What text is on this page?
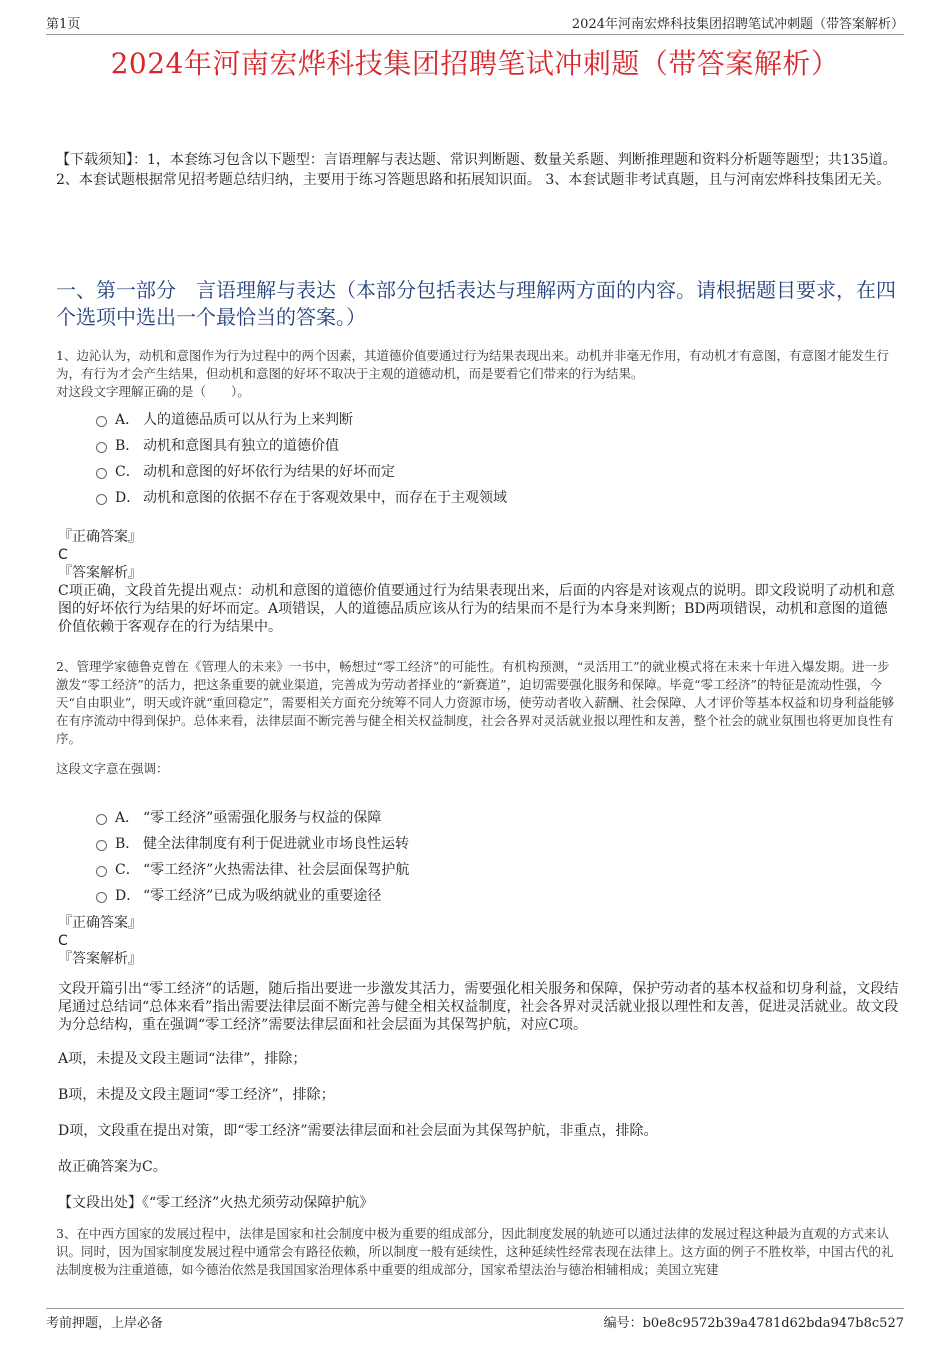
第1页	2024年河南宏烨科技集团招聘笔试冲刺题（带答案解析）
2024年河南宏烨科技集团招聘笔试冲刺题（带答案解析）
【下载须知】：1，本套练习包含以下题型：言语理解与表达题、常识判断题、数量关系题、判断推理题和资料分析题等题型；共135道。 2、本套试题根据常见招考题总结归纳，主要用于练习答题思路和拓展知识面。 3、本套试题非考试真题，且与河南宏烨科技集团无关。
一、第一部分　言语理解与表达（本部分包括表达与理解两方面的内容。请根据题目要求，在四个选项中选出一个最恰当的答案。）

1、边沁认为，动机和意图作为行为过程中的两个因素，其道德价值要通过行为结果表现出来。动机并非毫无作用，有动机才有意图，有意图才能发生行为，有行为才会产生结果，但动机和意图的好坏不取决于主观的道德动机，而是要看它们带来的行为结果。

对这段文字理解正确的是（　　）。

A． 人的道德品质可以从行为上来判断
B． 动机和意图具有独立的道德价值
C． 动机和意图的好坏依行为结果的好坏而定
D． 动机和意图的依据不存在于客观效果中，而存在于主观领域
『正确答案』
C
『答案解析』
C项正确，文段首先提出观点：动机和意图的道德价值要通过行为结果表现出来，后面的内容是对该观点的说明。即文段说明了动机和意图的好坏依行为结果的好坏而定。A项错误，人的道德品质应该从行为的结果而不是行为本身来判断；BD两项错误，动机和意图的道德价值依赖于客观存在的行为结果中。

2、管理学家德鲁克曾在《管理人的未来》一书中，畅想过“零工经济”的可能性。有机构预测，“灵活用工”的就业模式将在未来十年进入爆发期。进一步激发“零工经济”的活力，把这条重要的就业渠道，完善成为劳动者择业的“新赛道”，迫切需要强化服务和保障。毕竟“零工经济”的特征是流动性强，今天“自由职业”，明天或许就“重回稳定”，需要相关方面充分统筹不同人力资源市场，使劳动者收入薪酬、社会保障、人才评价等基本权益和切身利益能够在有序流动中得到保护。总体来看，法律层面不断完善与健全相关权益制度，社会各界对灵活就业报以理性和友善，整个社会的就业氛围也将更加良性有序。

这段文字意在强调：

A． “零工经济”亟需强化服务与权益的保障
B． 健全法律制度有利于促进就业市场良性运转
C． “零工经济”火热需法律、社会层面保驾护航
D． “零工经济”已成为吸纳就业的重要途径
『正确答案』
C
『答案解析』
文段开篇引出“零工经济”的话题，随后指出要进一步激发其活力，需要强化相关服务和保障，保护劳动者的基本权益和切身利益，文段结尾通过总结词“总体来看”指出需要法律层面不断完善与健全相关权益制度，社会各界对灵活就业报以理性和友善，促进灵活就业。故文段为分总结构，重在强调“零工经济”需要法律层面和社会层面为其保驾护航，对应C项。
A项，未提及文段主题词“法律”，排除；
B项，未提及文段主题词“零工经济”，排除；
D项，文段重在提出对策，即“零工经济”需要法律层面和社会层面为其保驾护航，非重点，排除。
故正确答案为C。
【文段出处】《“零工经济”火热尤须劳动保障护航》

3、在中西方国家的发展过程中，法律是国家和社会制度中极为重要的组成部分，因此制度发展的轨迹可以通过法律的发展过程这种最为直观的方式来认识。同时，因为国家制度发展过程中通常会有路径依赖，所以制度一般有延续性，这种延续性经常表现在法律上。这方面的例子不胜枚举，中国古代的礼法制度极为注重道德，如今德治依然是我国国家治理体系中重要的组成部分，国家希望法治与德治相辅相成；美国立宪建

考前押题，上岸必备	编号：b0e8c9572b39a4781d62bda947b8c527
